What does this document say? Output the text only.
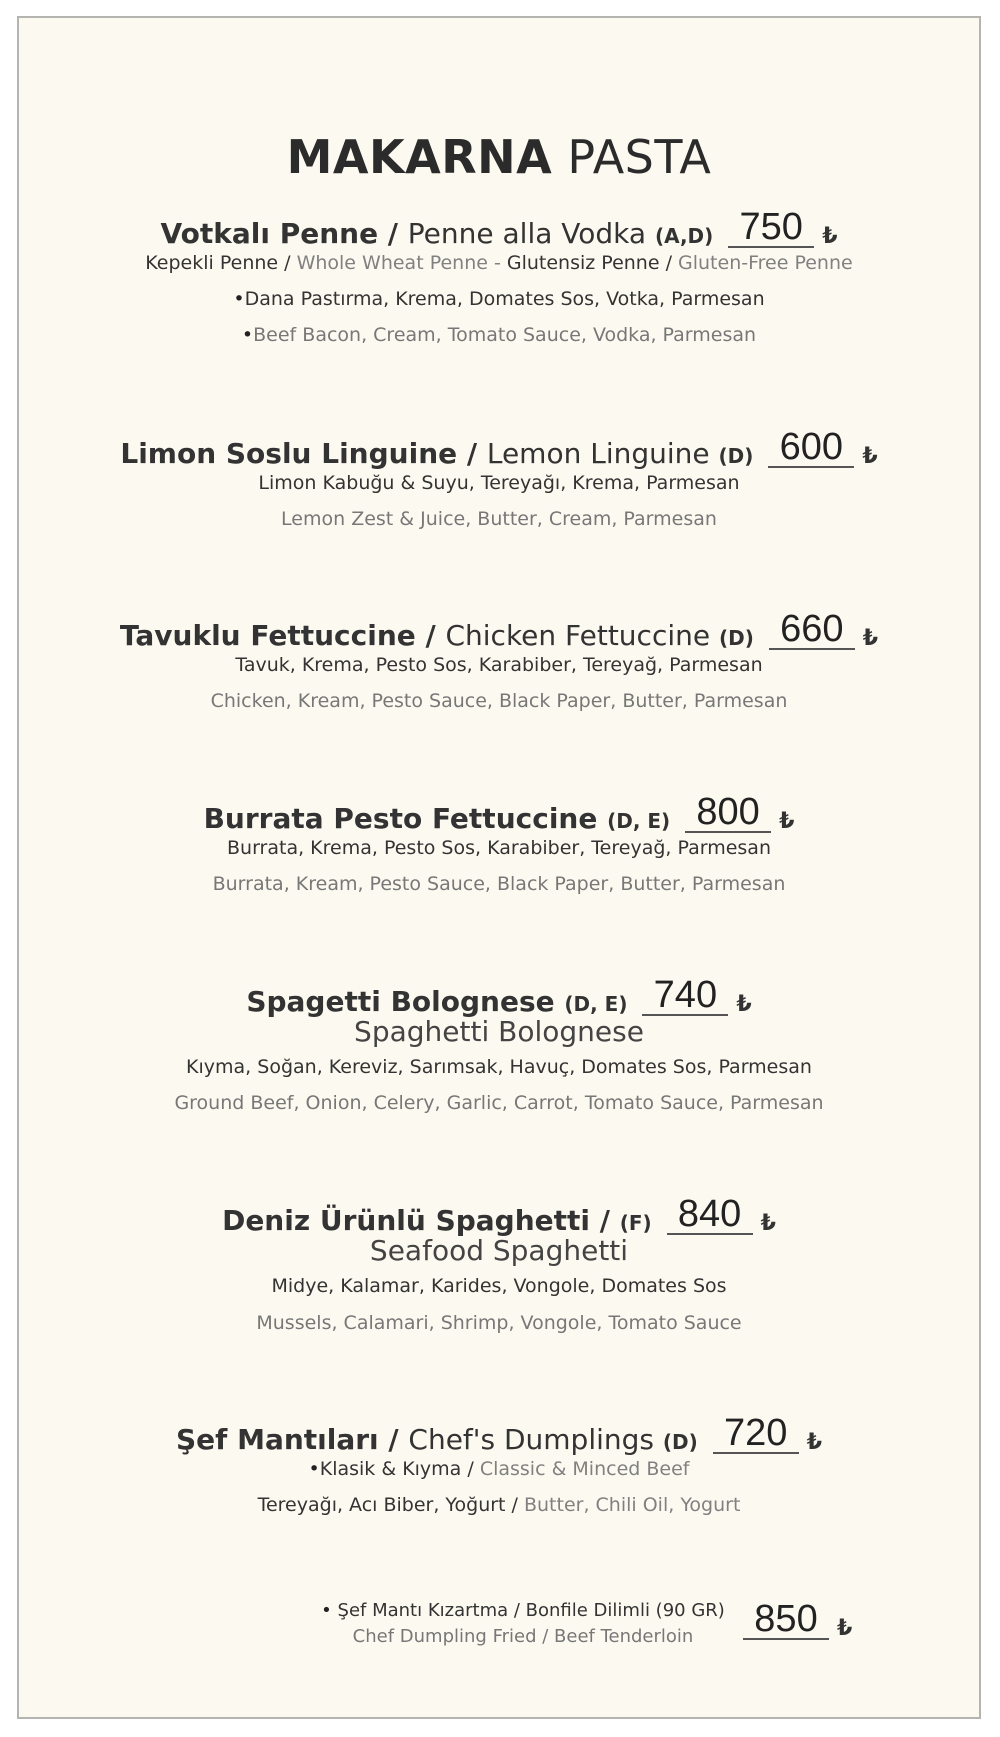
MAKARNA PASTA
Votkalı Penne / Penne alla Vodka (A,D) 750 ₺
Kepekli Penne / Whole Wheat Penne - Glutensiz Penne / Gluten-Free Penne
•Dana Pastırma, Krema, Domates Sos, Votka, Parmesan
•Beef Bacon, Cream, Tomato Sauce, Vodka, Parmesan
Limon Soslu Linguine / Lemon Linguine (D) 600 ₺
Limon Kabuğu & Suyu, Tereyağı, Krema, Parmesan
Lemon Zest & Juice, Butter, Cream, Parmesan
Tavuklu Fettuccine / Chicken Fettuccine (D) 660 ₺
Tavuk, Krema, Pesto Sos, Karabiber, Tereyağ, Parmesan
Chicken, Kream, Pesto Sauce, Black Paper, Butter, Parmesan
Burrata Pesto Fettuccine (D, E) 800 ₺
Burrata, Krema, Pesto Sos, Karabiber, Tereyağ, Parmesan
Burrata, Kream, Pesto Sauce, Black Paper, Butter, Parmesan
Spagetti Bolognese (D, E) 740 ₺
Spaghetti Bolognese
Kıyma, Soğan, Kereviz, Sarımsak, Havuç, Domates Sos, Parmesan
Ground Beef, Onion, Celery, Garlic, Carrot, Tomato Sauce, Parmesan
Deniz Ürünlü Spaghetti / (F) 840 ₺
Seafood Spaghetti
Midye, Kalamar, Karides, Vongole, Domates Sos
Mussels, Calamari, Shrimp, Vongole, Tomato Sauce
Şef Mantıları / Chef's Dumplings (D) 720 ₺
•Klasik & Kıyma / Classic & Minced Beef
Tereyağı, Acı Biber, Yoğurt / Butter, Chili Oil, Yogurt
• Şef Mantı Kızartma / Bonfile Dilimli (90 GR)
Chef Dumpling Fried / Beef Tenderloin	850 ₺
